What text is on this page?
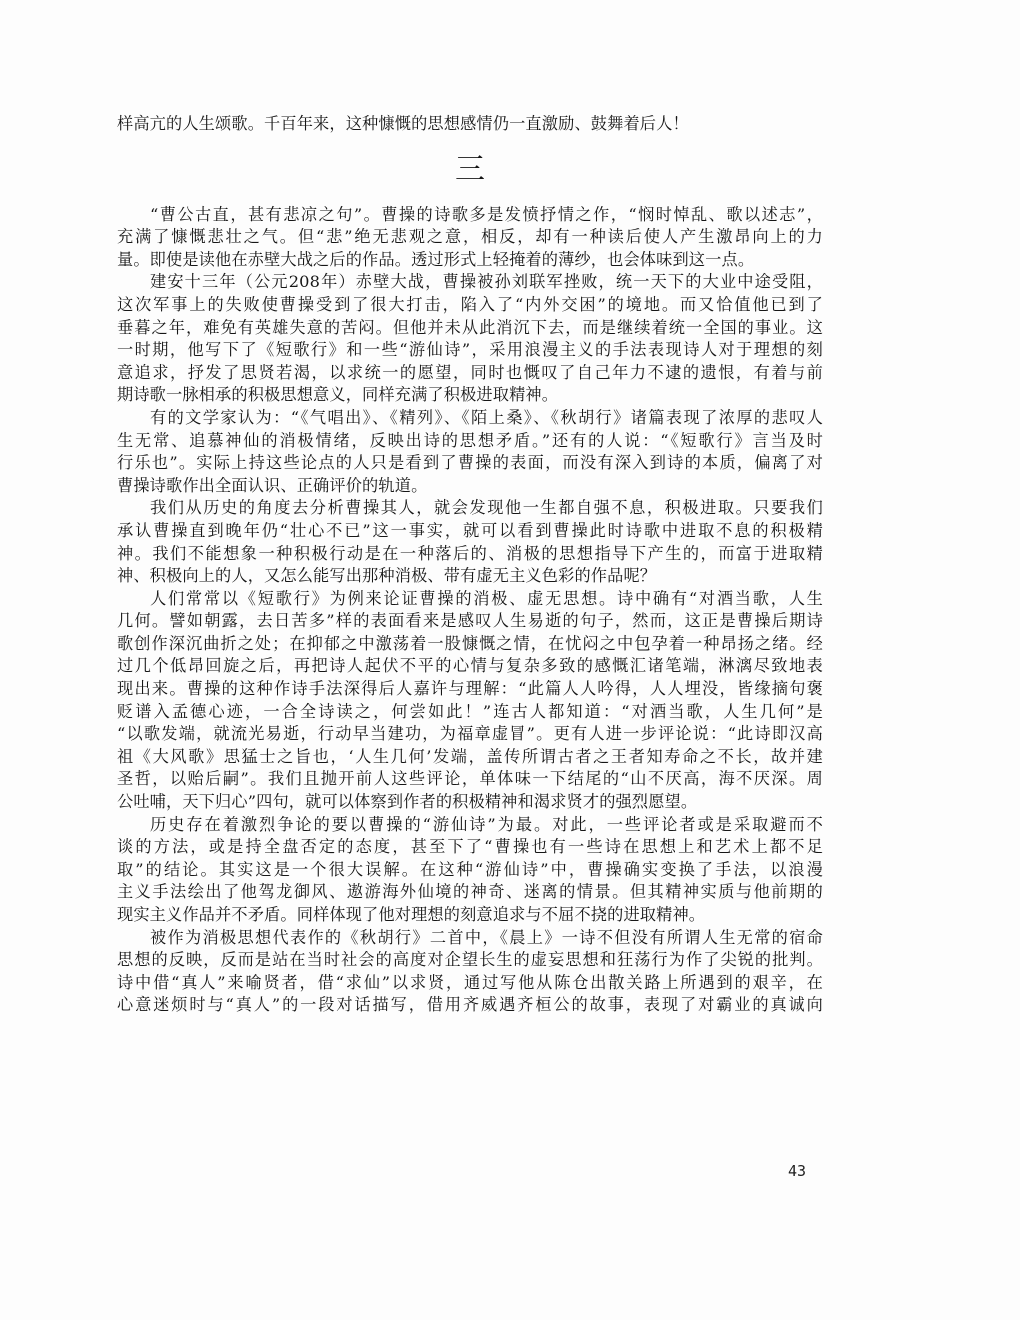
样高亢的人生颂歌。千百年来，这种慷慨的思想感情仍一直激励、鼓舞着后人！
三
“曹公古直，甚有悲凉之句”。曹操的诗歌多是发愤抒情之作，“悯时悼乱、歌以述志”，
充满了慷慨悲壮之气。但“悲”绝无悲观之意，相反，却有一种读后使人产生激昂向上的力
量。即使是读他在赤壁大战之后的作品。透过形式上轻掩着的薄纱，也会体味到这一点。
建安十三年（公元208年）赤壁大战，曹操被孙刘联军挫败，统一天下的大业中途受阻，
这次军事上的失败使曹操受到了很大打击，陷入了“内外交困”的境地。而又恰值他已到了
垂暮之年，难免有英雄失意的苦闷。但他并未从此消沉下去，而是继续着统一全国的事业。这
一时期，他写下了《短歌行》和一些“游仙诗”，采用浪漫主义的手法表现诗人对于理想的刻
意追求，抒发了思贤若渴，以求统一的愿望，同时也慨叹了自己年力不逮的遗恨，有着与前
期诗歌一脉相承的积极思想意义，同样充满了积极进取精神。
有的文学家认为：“《气唱出》、《精列》、《陌上桑》、《秋胡行》诸篇表现了浓厚的悲叹人
生无常、追慕神仙的消极情绪，反映出诗的思想矛盾。”还有的人说：“《短歌行》言当及时
行乐也”。实际上持这些论点的人只是看到了曹操的表面，而没有深入到诗的本质，偏离了对
曹操诗歌作出全面认识、正确评价的轨道。
我们从历史的角度去分析曹操其人，就会发现他一生都自强不息，积极进取。只要我们
承认曹操直到晚年仍“壮心不已”这一事实，就可以看到曹操此时诗歌中进取不息的积极精
神。我们不能想象一种积极行动是在一种落后的、消极的思想指导下产生的，而富于进取精
神、积极向上的人，又怎么能写出那种消极、带有虚无主义色彩的作品呢？
人们常常以《短歌行》为例来论证曹操的消极、虚无思想。诗中确有“对酒当歌，人生
几何。譬如朝露，去日苦多”样的表面看来是感叹人生易逝的句子，然而，这正是曹操后期诗
歌创作深沉曲折之处；在抑郁之中激荡着一股慷慨之情，在忧闷之中包孕着一种昂扬之绪。经
过几个低昂回旋之后，再把诗人起伏不平的心情与复杂多致的感慨汇诸笔端，淋漓尽致地表
现出来。曹操的这种作诗手法深得后人嘉许与理解：“此篇人人吟得，人人埋没，皆缘摘句褒
贬谱入孟德心迹，一合全诗读之，何尝如此！”连古人都知道：“对酒当歌，人生几何”是
“以歌发端，就流光易逝，行动早当建功，为福章虚冒”。更有人进一步评论说：“此诗即汉高
祖《大风歌》思猛士之旨也，‘人生几何’发端，盖传所谓古者之王者知寿命之不长，故并建
圣哲，以贻后嗣”。我们且抛开前人这些评论，单体味一下结尾的“山不厌高，海不厌深。周
公吐哺，天下归心”四句，就可以体察到作者的积极精神和渴求贤才的强烈愿望。
历史存在着激烈争论的要以曹操的“游仙诗”为最。对此，一些评论者或是采取避而不
谈的方法，或是持全盘否定的态度，甚至下了“曹操也有一些诗在思想上和艺术上都不足
取”的结论。其实这是一个很大误解。在这种“游仙诗”中，曹操确实变换了手法，以浪漫
主义手法绘出了他驾龙御风、遨游海外仙境的神奇、迷离的情景。但其精神实质与他前期的
现实主义作品并不矛盾。同样体现了他对理想的刻意追求与不屈不挠的进取精神。
被作为消极思想代表作的《秋胡行》二首中，《晨上》一诗不但没有所谓人生无常的宿命
思想的反映，反而是站在当时社会的高度对企望长生的虚妄思想和狂荡行为作了尖锐的批判。
诗中借“真人”来喻贤者，借“求仙”以求贤，通过写他从陈仓出散关路上所遇到的艰辛，在
心意迷烦时与“真人”的一段对话描写，借用齐威遇齐桓公的故事，表现了对霸业的真诚向
43
